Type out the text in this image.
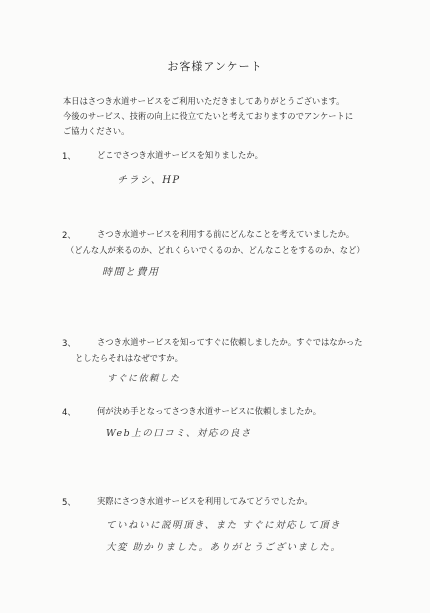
お客様アンケート
本日はさつき水道サービスをご利用いただきましてありがとうございます。
今後のサービス、技術の向上に役立てたいと考えておりますのでアンケートに
ご協力ください。
1、	どこでさつき水道サービスを知りましたか。
チラシ、HP
2、	さつき水道サービスを利用する前にどんなことを考えていましたか。
（どんな人が来るのか、どれくらいでくるのか、どんなことをするのか、など）
時間と費用
3、	さつき水道サービスを知ってすぐに依頼しましたか。すぐではなかった
としたらそれはなぜですか。
すぐに依頼した
4、	何が決め手となってさつき水道サービスに依頼しましたか。
Web上の口コミ、対応の良さ
5、	実際にさつき水道サービスを利用してみてどうでしたか。
ていねいに説明頂き、また すぐに対応して頂き
大変 助かりました。ありがとうございました。
